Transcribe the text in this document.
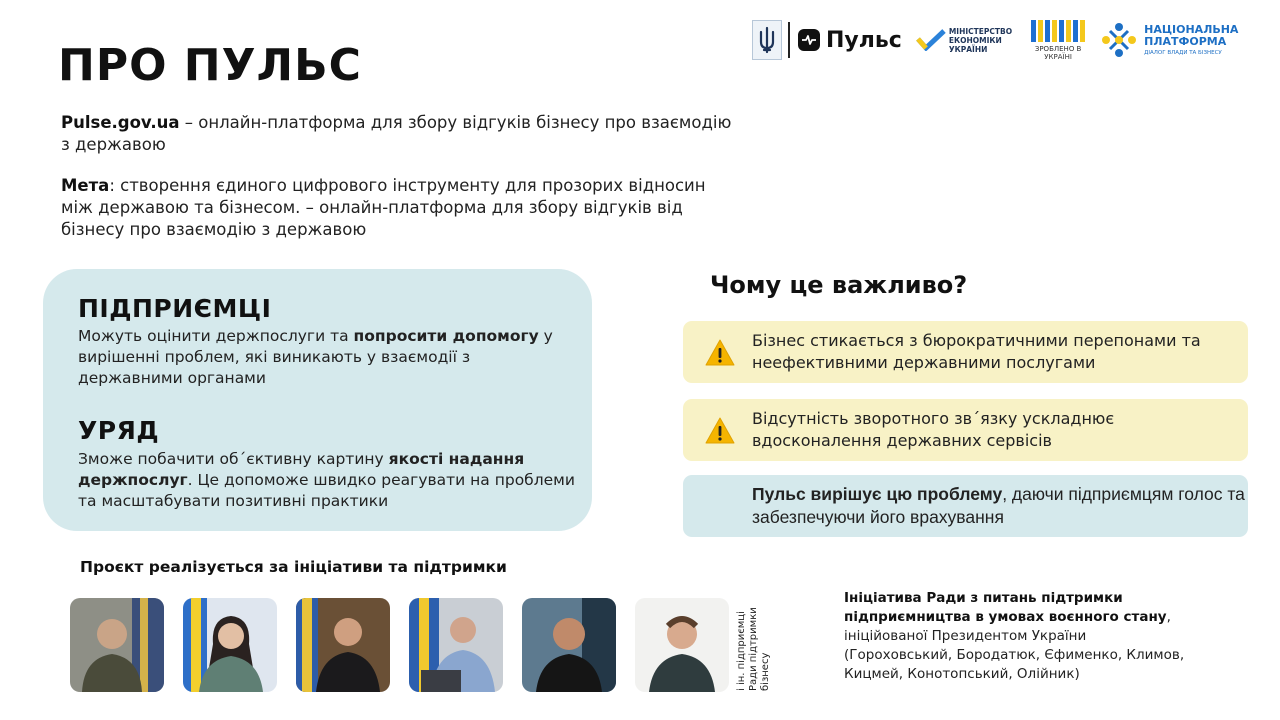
ПРО ПУЛЬС	Пульс	МІНІСТЕРСТВО
ЕКОНОМІКИ
УКРАЇНИ	ЗРОБЛЕНО В УКРАЇНІ
НАЦІОНАЛЬНА ПЛАТФОРМА
ДІАЛОГ ВЛАДИ ТА БІЗНЕСУ
Pulse.gov.ua – онлайн-платформа для збору відгуків бізнесу про взаємодію з державою
Мета: створення єдиного цифрового інструменту для прозорих відносин між державою та бізнесом. – онлайн-платформа для збору відгуків від бізнесу про взаємодію з державою
ПІДПРИЄМЦІ
Можуть оцінити держпослуги та попросити допомогу у вирішенні проблем, які виникають у взаємодії з державними органами
УРЯД
Зможе побачити об´єктивну картину якості надання держпослуг. Це допоможе швидко реагувати на проблеми та масштабувати позитивні практики
Чому це важливо?
Бізнес стикається з бюрократичними перепонами та неефективними державними послугами
Відсутність зворотного зв´язку ускладнює вдосконалення державних сервісів
Пульс вирішує цю проблему, даючи підприємцям голос та забезпечуючи його врахування
Проєкт реалізується за ініціативи та підтримки
і ін. підприємці Ради підтримки бізнесу
Ініціатива Ради з питань підтримки підприємництва в умовах воєнного стану, ініційованої Президентом України
(Гороховський, Бородатюк, Єфименко, Климов, Кицмей, Конотопський, Олійник)
